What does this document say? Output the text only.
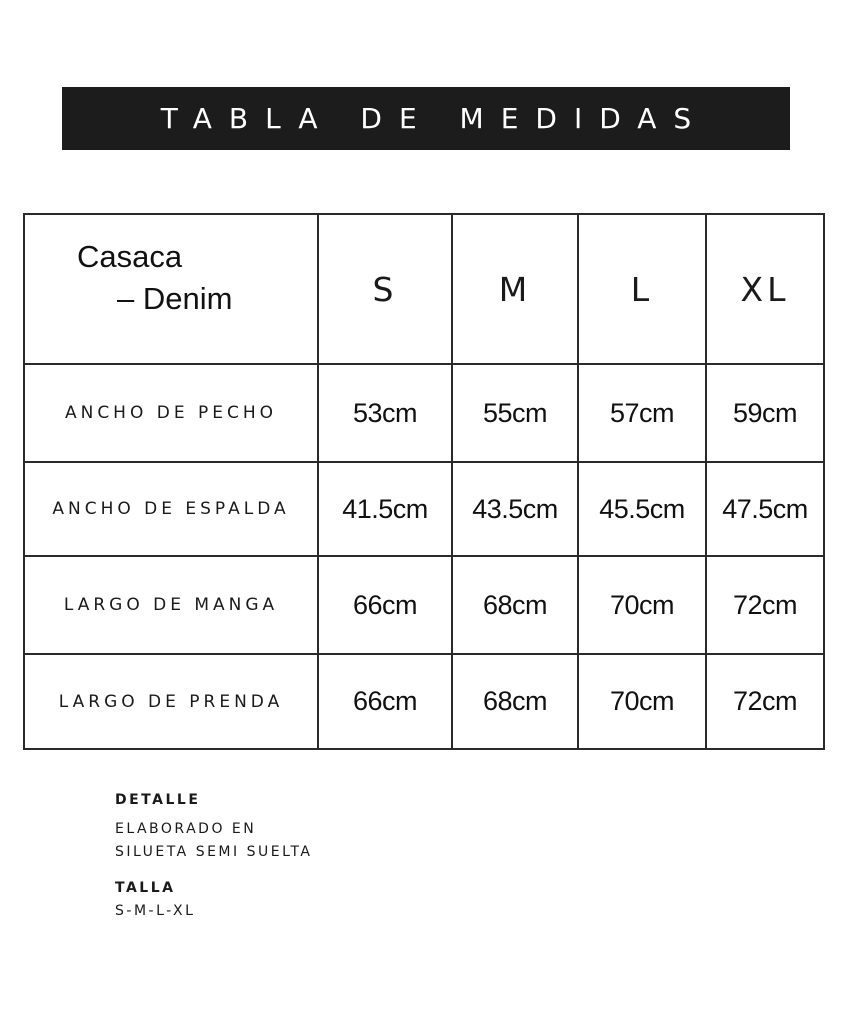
TABLA DE MEDIDAS
Casaca
– Denim	S	M	L	XL
ANCHO DE PECHO	53cm	55cm	57cm	59cm
ANCHO DE ESPALDA	41.5cm	43.5cm	45.5cm	47.5cm
LARGO DE MANGA	66cm	68cm	70cm	72cm
LARGO DE PRENDA	66cm	68cm	70cm	72cm

DETALLE

ELABORADO EN

SILUETA SEMI SUELTA

TALLA

S-M-L-XL
